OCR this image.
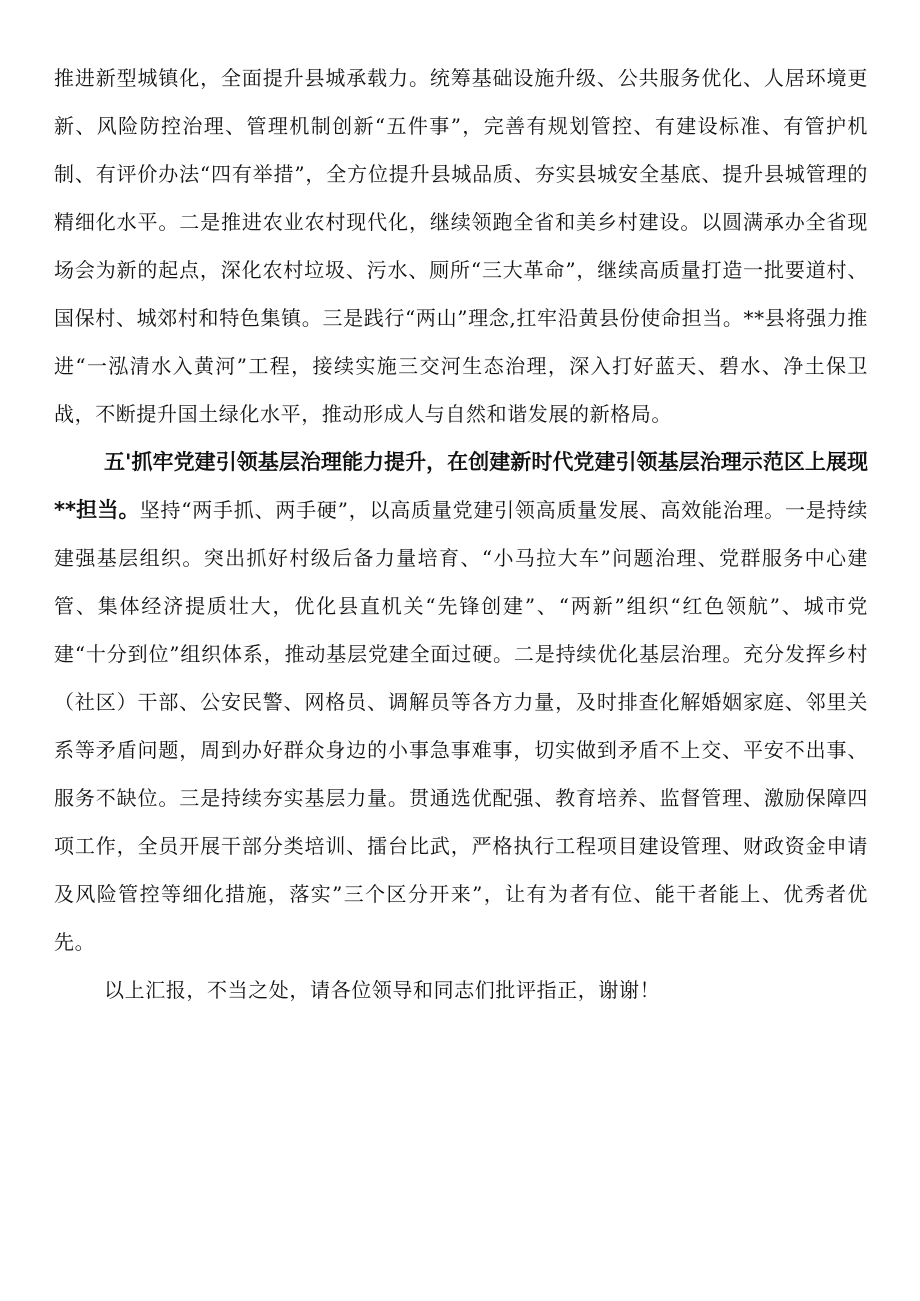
推进新型城镇化，全面提升县城承载力。统筹基础设施升级、公共服务优化、人居环境更新、风险防控治理、管理机制创新“五件事”，完善有规划管控、有建设标准、有管护机制、有评价办法“四有举措”，全方位提升县城品质、夯实县城安全基底、提升县城管理的精细化水平。二是推进农业农村现代化，继续领跑全省和美乡村建设。以圆满承办全省现场会为新的起点，深化农村垃圾、污水、厕所“三大革命”，继续高质量打造一批要道村、国保村、城郊村和特色集镇。三是践行“两山”理念,扛牢沿黄县份使命担当。**县将强力推进“一泓清水入黄河”工程，接续实施三交河生态治理，深入打好蓝天、碧水、净土保卫战，不断提升国土绿化水平，推动形成人与自然和谐发展的新格局。

五'抓牢党建引领基层治理能力提升，在创建新时代党建引领基层治理示范区上展现**担当。坚持“两手抓、两手硬”，以高质量党建引领高质量发展、高效能治理。一是持续建强基层组织。突出抓好村级后备力量培育、“小马拉大车”问题治理、党群服务中心建管、集体经济提质壮大，优化县直机关“先锋创建”、“两新”组织“红色领航”、城市党建“十分到位”组织体系，推动基层党建全面过硬。二是持续优化基层治理。充分发挥乡村（社区）干部、公安民警、网格员、调解员等各方力量，及时排查化解婚姻家庭、邻里关系等矛盾问题，周到办好群众身边的小事急事难事，切实做到矛盾不上交、平安不出事、服务不缺位。三是持续夯实基层力量。贯通选优配强、教育培养、监督管理、激励保障四项工作，全员开展干部分类培训、擂台比武，严格执行工程项目建设管理、财政资金申请及风险管控等细化措施，落实”三个区分开来”，让有为者有位、能干者能上、优秀者优先。

以上汇报，不当之处，请各位领导和同志们批评指正，谢谢！
